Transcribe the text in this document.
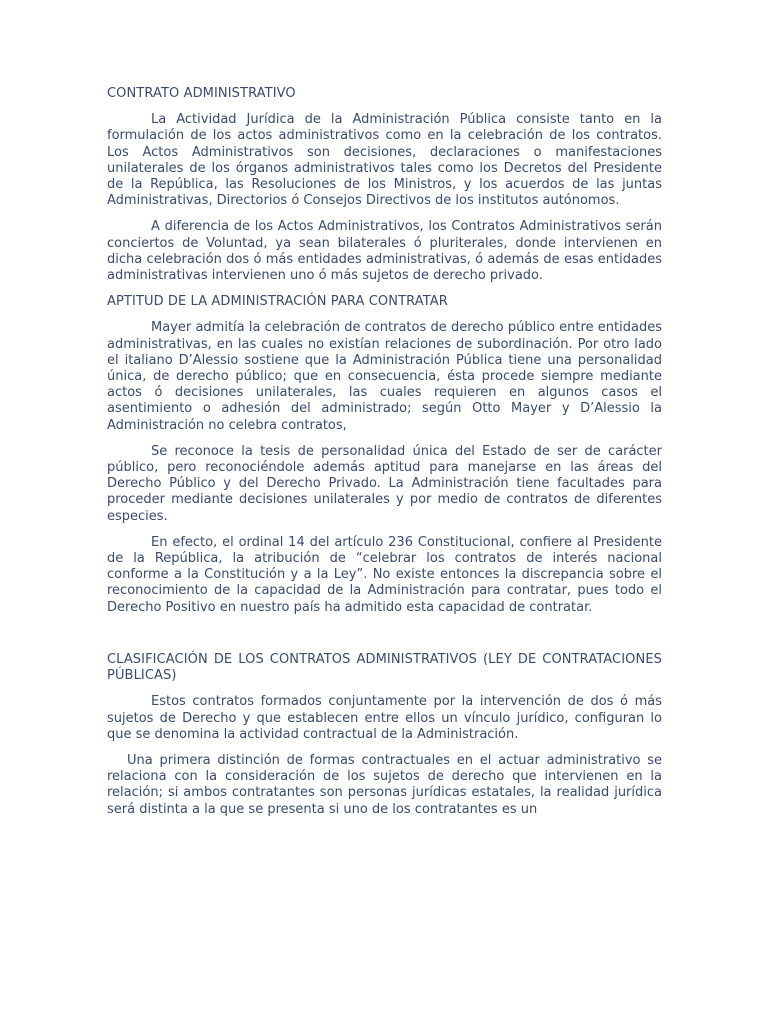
CONTRATO ADMINISTRATIVO

La Actividad Jurídica de la Administración Pública consiste tanto en la formulación de los actos administrativos como en la celebración de los contratos. Los Actos Administrativos son decisiones, declaraciones o manifestaciones unilaterales de los órganos administrativos tales como los Decretos del Presidente de la República, las Resoluciones de los Ministros, y los acuerdos de las juntas Administrativas, Directorios ó Consejos Directivos de los institutos autónomos.

A diferencia de los Actos Administrativos, los Contratos Administrativos serán conciertos de Voluntad, ya sean bilaterales ó pluriterales, donde intervienen en dicha celebración dos ó más entidades administrativas, ó además de esas entidades administrativas intervienen uno ó más sujetos de derecho privado.

APTITUD DE LA ADMINISTRACIÓN PARA CONTRATAR

Mayer admitía la celebración de contratos de derecho público entre entidades administrativas, en las cuales no existían relaciones de subordinación. Por otro lado el italiano D’Alessio sostiene que la Administración Pública tiene una personalidad única, de derecho público; que en consecuencia, ésta procede siempre mediante actos ó decisiones unilaterales, las cuales requieren en algunos casos el asentimiento o adhesión del administrado; según Otto Mayer y D’Alessio la Administración no celebra contratos,

Se reconoce la tesis de personalidad única del Estado de ser de carácter público, pero reconociéndole además aptitud para manejarse en las áreas del Derecho Público y del Derecho Privado. La Administración tiene facultades para proceder mediante decisiones unilaterales y por medio de contratos de diferentes especies.

En efecto, el ordinal 14 del artículo 236 Constitucional, confiere al Presidente de la República, la atribución de “celebrar los contratos de interés nacional conforme a la Constitución y a la Ley”. No existe entonces la discrepancia sobre el reconocimiento de la capacidad de la Administración para contratar, pues todo el Derecho Positivo en nuestro país ha admitido esta capacidad de contratar.

CLASIFICACIÓN DE LOS CONTRATOS ADMINISTRATIVOS (LEY DE CONTRATACIONES PÚBLICAS)

Estos contratos formados conjuntamente por la intervención de dos ó más sujetos de Derecho y que establecen entre ellos un vínculo jurídico, configuran lo que se denomina la actividad contractual de la Administración.

Una primera distinción de formas contractuales en el actuar administrativo se relaciona con la consideración de los sujetos de derecho que intervienen en la relación; si ambos contratantes son personas jurídicas estatales, la realidad jurídica será distinta a la que se presenta si uno de los contratantes es un
